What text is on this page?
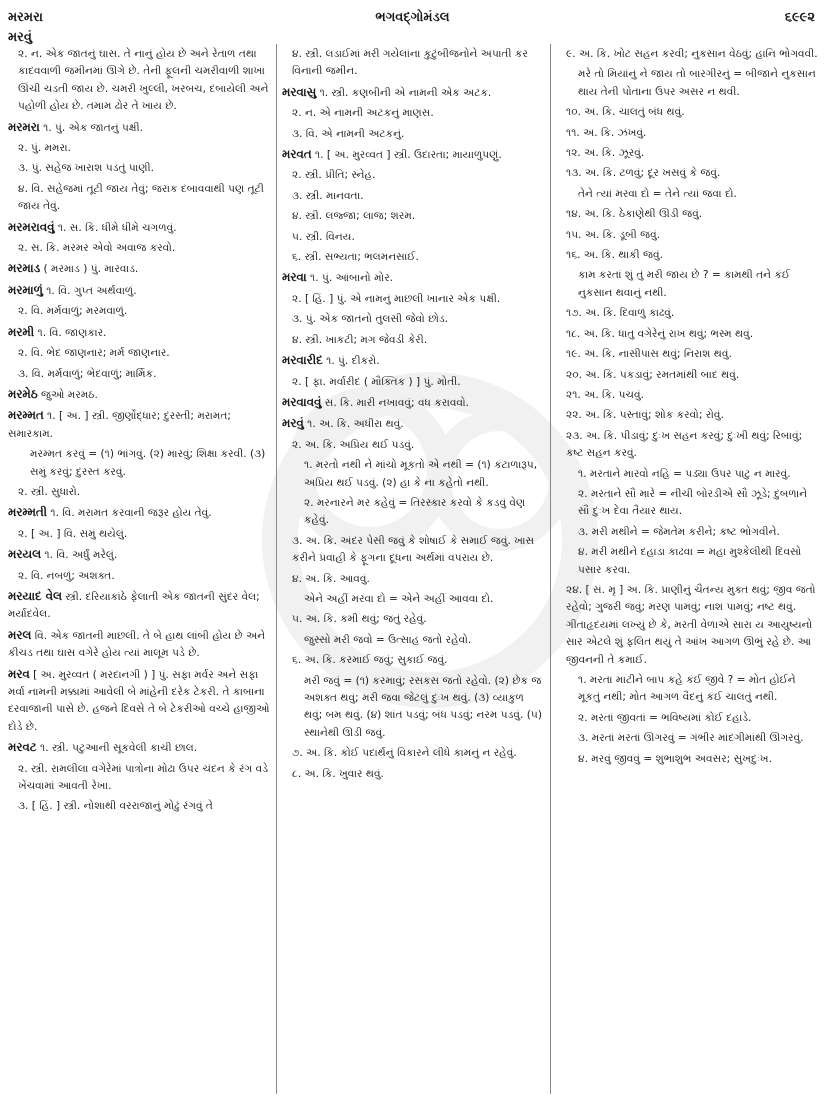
મરમરા
મરવું
ભગવદ્ગોમંડલ	૬૯૯૨

૨. ન. એક જાતનું ઘાસ. તે નાનું હોય છે અને રેતાળ તથા કાદવવાળી જમીનમાં ઊગે છે. તેની ફૂલની ચમરીવાળી શાખા ઊંચી ચડતી જાય છે. ચમરી ખુલ્લી, ખરબચ, દબાયેલી અને પહોળી હોય છે. તમામ ઢોર તે ખાય છે.

મરમરા ૧. પું. એક જાતનું પક્ષી.

૨. પું. મમરા.

૩. પું. સહેજ ખારાશ પડતું પાણી.

૪. વિ. સહેજમાં તૂટી જાય તેવું; જરાક દબાવવાથી પણ તૂટી જાય તેવું.

મરમરાવવું ૧. સ. કિ. ધીમે ધીમે ચગળવું.

૨. સ. કિ. મરમર એવો અવાજ કરવો.

મરમાડ ( મરમાડ ) પું. મારવાડ.

મરમાળું ૧. વિ. ગુપ્ત અર્થવાળું.

૨. વિ. મર્મવાળું; મરમવાળું.

મરમી ૧. વિ. જાણકાર.

૨. વિ. ભેદ જાણનાર; મર્મ જાણનાર.

૩. વિ. મર્મવાળું; ભેદવાળું; માર્મિક.

મરમેઠ જુઓ મરમઠ.

મરમ્મત ૧. [ અ. ] સ્ત્રી. જીર્ણોદ્ધાર; દુરસ્તી; મરામત; સમારકામ.

મરમ્મત કરવું = (૧) ભાંગવું. (૨) મારવું; શિક્ષા કરવી. (૩) સમું કરવું; દુરસ્ત કરવું.

૨. સ્ત્રી. સુધારો.

મરમ્મતી ૧. વિ. મરામત કરવાની જરૂર હોય તેવું.

૨. [ અ. ] વિ. સમું થયેલું.

મરયલ ૧. વિ. અર્ધું મરેલું.

૨. વિ. નબળું; અશક્ત.

મરયાદ વેલ સ્ત્રી. દરિયાકાંઠે ફેલાતી એક જાતની સુંદર વેલ; મર્યાદવેલ.

મરલ વિ. એક જાતની માછલી. તે બે હાથ લાંબી હોય છે અને કીચડ તથા ઘાસ વગેરે હોય ત્યાં માલૂમ પડે છે.

મરવ [ અ. મુરવ્વત ( મરદાનગી ) ] પું. સફા મર્વર અને સફા મર્વા નામની મક્કામાં આવેલી બે માંહેની દરેક ટેકરી. તે કાબાના દરવાજાની પાસે છે. હજને દિવસે તે બે ટેકરીઓ વચ્ચે હાજીઓ દોડે છે.

મરવટ ૧. સ્ત્રી. પટુઆની સૂકવેલી કાચી છાલ.

૨. સ્ત્રી. રામલીલા વગેરેમાં પાત્રોના મોઢા ઉપર ચંદન કે રંગ વડે ખેંચવામાં આવતી રેખા.

૩. [ હિં. ] સ્ત્રી. નોશાથી વરરાજાનું મોઢું રંગવું તે

૪. સ્ત્રી. લડાઈમાં મરી ગયેલાંના કુટુંબીજનોને અપાતી કર વિનાની જમીન.

મરવાસુ ૧. સ્ત્રી. કણબીની એ નામની એક અટક.

૨. ન. એ નામની અટકનું માણસ.

૩. વિ. એ નામની અટકનું.

મરવત ૧. [ અ. મુરવ્વત ] સ્ત્રી. ઉદારતા; માયાળુપણું.

૨. સ્ત્રી. પ્રીતિ; સ્નેહ.

૩. સ્ત્રી. માનવતા.

૪. સ્ત્રી. લજ્જા; લાજ; શરમ.

૫. સ્ત્રી. વિનય.

૬. સ્ત્રી. સભ્યતા; ભલમનસાઈ.

મરવા ૧. પું. આંબાનો મોર.

૨. [ હિં. ] પું. એ નામનું માછલી ખાનાર એક પક્ષી.

૩. પું. એક જાતનો તુલસી જેવો છોડ.

૪. સ્ત્રી. ખાકટી; મગ જેવડી કેરી.

મરવારીદ ૧. પું. દીકરો.

૨. [ ફા. મર્વારીદ ( મૌક્તિક ) ] પું. મોતી.

મરવાવવું સ. કિ. મારી નખાવવું; વધ કરાવવો.

મરવું ૧. અ. કિ. અધીરા થવું.

૨. અ. કિ. અપ્રિય થઈ પડવું.

૧. મરતો નથી ને માંચો મૂકતો એ નથી = (૧) કંટાળારૂપ, અપ્રિય થઈ પડવું. (૨) હા કે ના કહેતો નથી.

૨. મરનારને મર કહેવું = તિરસ્કાર કરવો કે કડવું વેણ કહેવું.

૩. અ. કિ. અંદર પેસી જવું કે શોષાઈ કે સમાઈ જવું. ખાસ કરીને પ્રવાહી કે ફૂગના દૂધના અર્થમાં વપરાય છે.

૪. અ. કિ. આવવું.

એને અહીં મરવા દો = એને અહીં આવવા દો.

૫. અ. કિ. કમી થવું; જતું રહેવું.

જુસ્સો મરી જવો = ઉત્સાહ જતો રહેવો.

૬. અ. કિ. કરમાઈ જવું; સુકાઈ જવું.

મરી જવું = (૧) કરમાવું; રસકસ જતો રહેવો. (૨) છેક જ અશક્ત થવું; મરી જવા જેટલું દુઃખ થવું. (૩) વ્યાકુળ થવું; બમ થવું. (૪) શાંત પડવું; બંધ પડવું; નરમ પડવું. (૫) સ્થાનેથી ઊડી જવું.

૭. અ. કિ. કોઈ પદાર્થનું વિકારને લીધે કામનું ન રહેવું.

૮. અ. કિ. ખુવાર થવું.

૯. અ. કિ. ખોટ સહન કરવી; નુકસાન વેઠવું; હાનિ ભોગવવી.

મરે તો મિયાંનું ને જાય તો બારગીરનું = બીજાને નુકસાન થાય તેની પોતાના ઉપર અસર ન થવી.

૧૦. અ. કિ. ચાલતું બંધ થવું.

૧૧. અ. કિ. ઝંખવું.

૧૨. અ. કિ. ઝૂરવું.

૧૩. અ. કિ. ટળવું; દૂર ખસવું કે જવું.

તેને ત્યાં મરવા દો = તેને ત્યાં જવા દો.

૧૪. અ. કિ. ઠેકાણેથી ઊડી જવું.

૧૫. અ. કિ. ડૂબી જવું.

૧૬. અ. કિ. થાકી જવું.

કામ કરતાં શું તું મરી જાય છે ? = કામથી તને કંઈ નુકસાન થવાનું નથી.

૧૭. અ. કિ. દિવાળું કાઢવું.

૧૮. અ. કિ. ધાતુ વગેરેનું રાખ થવું; ભસ્મ થવું.

૧૯. અ. કિ. નાસીપાસ થવું; નિરાશ થવું.

૨૦. અ. કિ. પકડાવું; રમતમાંથી બાદ થવું.

૨૧. અ. કિ. પચવું.

૨૨. અ. કિ. પસ્તાવું; શોક કરવો; રોવું.

૨૩. અ. કિ. પીડાવું; દુઃખ સહન કરવું; દુઃખી થવું; રિબાવું; કષ્ટ સહન કરવું.

૧. મરતાને મારવો નહિ = પડ્યા ઉપર પાટુ ન મારવું.

૨. મરતાને સૌ મારે = નીચી બોરડીએ સૌ ઝૂડે; દુબળાને સૌ દુઃખ દેવા તૈયાર થાય.

૩. મરી મથીને = જેમતેમ કરીને; કષ્ટ ભોગવીને.

૪. મરી મથીને દહાડા કાઢવા = મહા મુશ્કેલીથી દિવસો પસાર કરવા.

૨૪. [ સં. મૃ ] અ. કિ. પ્રાણીનું ચૈતન્ય મુક્ત થવું; જીવ જતો રહેવો; ગુજરી જવું; મરણ પામવું; નાશ પામવું; નષ્ટ થવું. ગીતાહૃદયમાં લખ્યું છે કે, મરતી વેળાએ સારા ય આયુષ્યનો સાર એટલે શું ફલિત થયું તે આંખ આગળ ઊભું રહે છે. આ જીવનની તે કમાઈ.

૧. મરતા માટીને બાપ કહે કંઈ જીવે ? = મોત હોઈને મૂકતું નથી; મોત આગળ વૈદનું કંઈ ચાલતું નથી.

૨. મરતાં જીવતાં = ભવિષ્યમાં કોઈ દહાડે.

૩. મરતાં મરતાં ઊગરવું = ગંભીર માંદગીમાંથી ઊગરવું.

૪. મરવું જીવવું = શુભાશુભ અવસર; સુખદુઃખ.
